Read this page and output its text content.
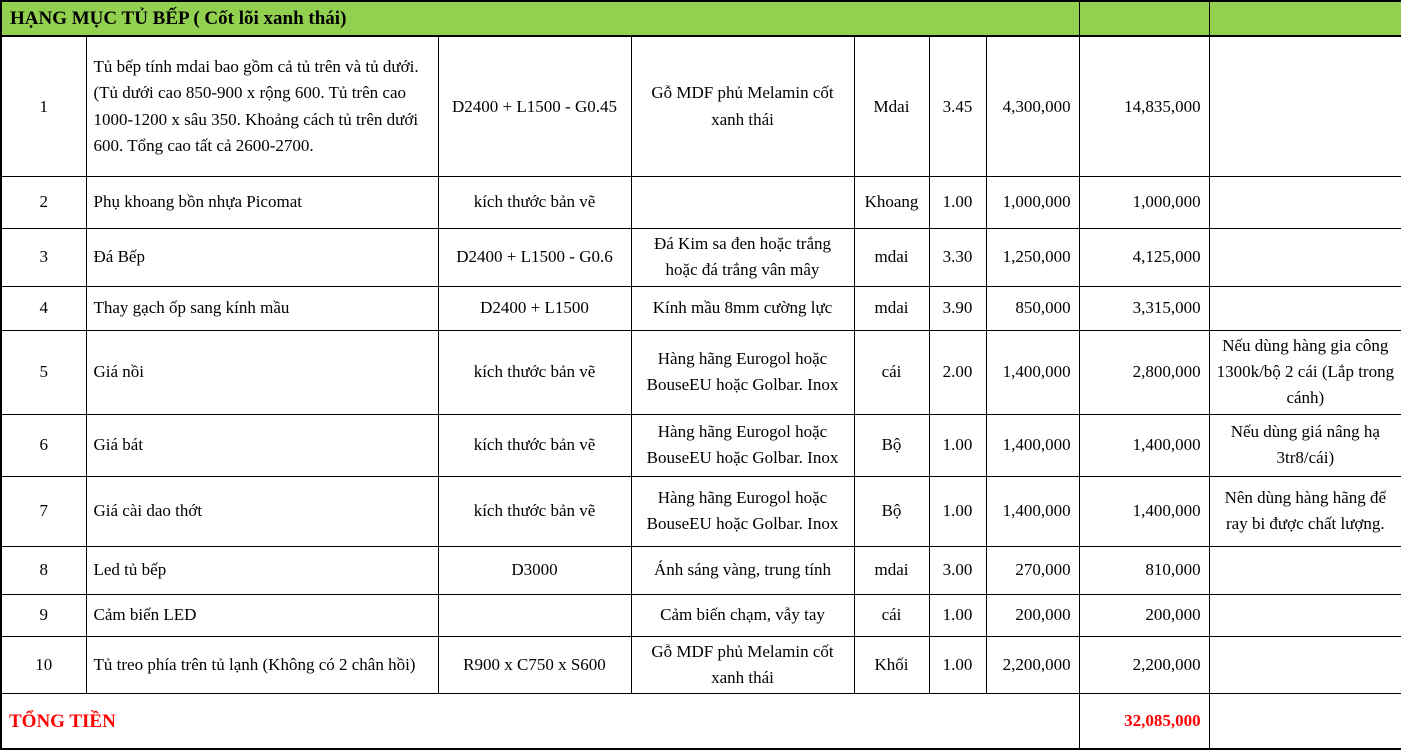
HẠNG MỤC TỦ BẾP ( Cốt lõi xanh thái)								
1	Tủ bếp tính mdai bao gồm cả tủ trên và tủ dưới. (Tủ dưới cao 850-900 x rộng 600. Tủ trên cao 1000-1200 x sâu 350. Khoảng cách tủ trên dưới 600. Tổng cao tất cả 2600-2700.	D2400 + L1500 - G0.45	Gỗ MDF phủ Melamin cốt xanh thái	Mdai	3.45	4,300,000	14,835,000	
2	Phụ khoang bồn nhựa Picomat	kích thước bản vẽ		Khoang	1.00	1,000,000	1,000,000	
3	Đá Bếp	D2400 + L1500 - G0.6	Đá Kim sa đen hoặc trắng hoặc đá trắng vân mây	mdai	3.30	1,250,000	4,125,000	
4	Thay gạch ốp sang kính mầu	D2400 + L1500	Kính mầu 8mm cường lực	mdai	3.90	850,000	3,315,000	
5	Giá nồi	kích thước bản vẽ	Hàng hãng Eurogol hoặc BouseEU hoặc Golbar. Inox	cái	2.00	1,400,000	2,800,000	Nếu dùng hàng gia công 1300k/bộ 2 cái (Lắp trong cánh)
6	Giá bát	kích thước bản vẽ	Hàng hãng Eurogol hoặc BouseEU hoặc Golbar. Inox	Bộ	1.00	1,400,000	1,400,000	Nếu dùng giá nâng hạ 3tr8/cái)
7	Giá cài dao thớt	kích thước bản vẽ	Hàng hãng Eurogol hoặc BouseEU hoặc Golbar. Inox	Bộ	1.00	1,400,000	1,400,000	Nên dùng hàng hãng để ray bi được chất lượng.
8	Led tủ bếp	D3000	Ánh sáng vàng, trung tính	mdai	3.00	270,000	810,000	
9	Cảm biến LED		Cảm biến chạm, vẫy tay	cái	1.00	200,000	200,000	
10	Tủ treo phía trên tủ lạnh (Không có 2 chân hồi)	R900 x C750 x S600	Gỗ MDF phủ Melamin cốt xanh thái	Khối	1.00	2,200,000	2,200,000	
TỔNG TIỀN							32,085,000	
